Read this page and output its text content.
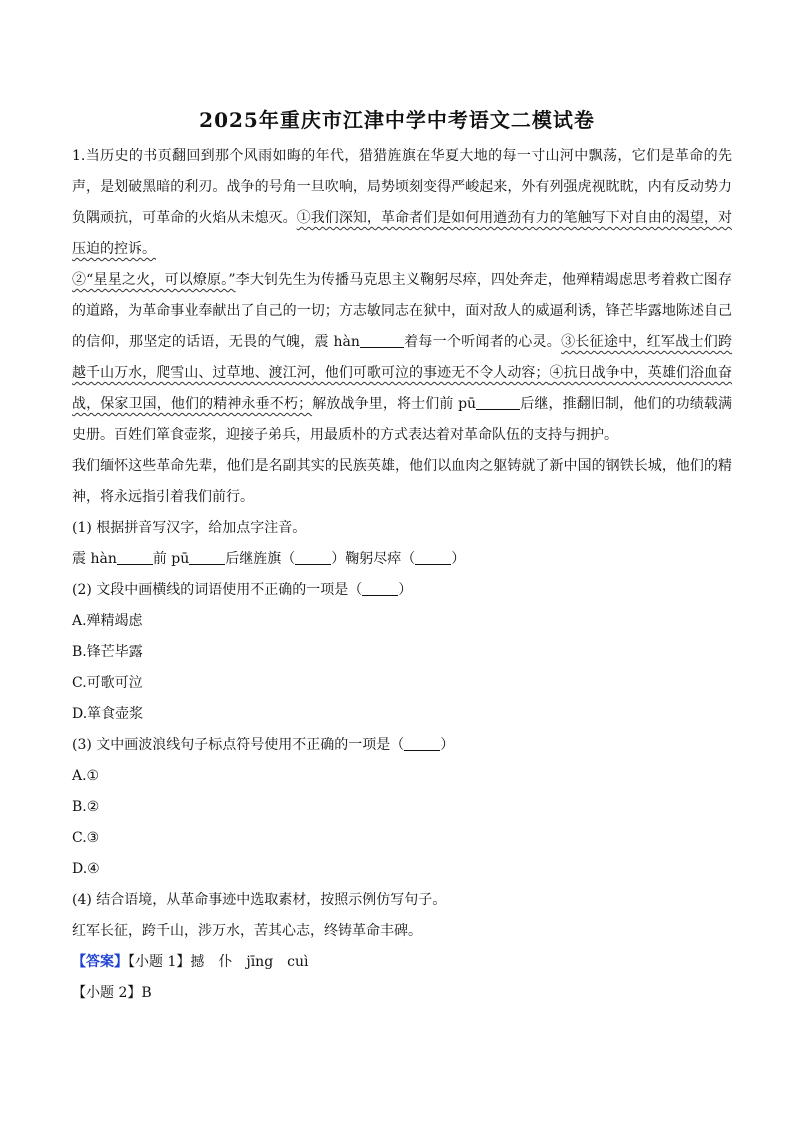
2025年重庆市江津中学中考语文二模试卷

1.当历史的书页翻回到那个风雨如晦的年代，猎猎旌旗在华夏大地的每一寸山河中飘荡，它们是革命的先声，是划破黑暗的利刃。战争的号角一旦吹响，局势顷刻变得严峻起来，外有列强虎视眈眈，内有反动势力负隅顽抗，可革命的火焰从未熄灭。①我们深知，革命者们是如何用遒劲有力的笔触写下对自由的渴望，对压迫的控诉。

②“星星之火，可以燎原。”李大钊先生为传播马克思主义鞠躬尽瘁，四处奔走，他殚精竭虑思考着救亡图存的道路，为革命事业奉献出了自己的一切；方志敏同志在狱中，面对敌人的威逼利诱，锋芒毕露地陈述自己的信仰，那坚定的话语，无畏的气魄，震 hàn	着每一个听闻者的心灵。③长征途中，红军战士们跨越千山万水，爬雪山、过草地、渡江河，他们可歌可泣的事迹无不令人动容；④抗日战争中，英雄们浴血奋战，保家卫国，他们的精神永垂不朽；解放战争里，将士们前 pū	后继，推翻旧制，他们的功绩载满史册。百姓们箪食壶浆，迎接子弟兵，用最质朴的方式表达着对革命队伍的支持与拥护。

我们缅怀这些革命先辈，他们是名副其实的民族英雄，他们以血肉之躯铸就了新中国的钢铁长城，他们的精神，将永远指引着我们前行。

(1) 根据拼音写汉字，给加点字注音。

震 hàn	前 pū	后继旌旗（	）鞠躬尽瘁（	）

(2) 文段中画横线的词语使用不正确的一项是（	）

A.殚精竭虑

B.锋芒毕露

C.可歌可泣

D.箪食壶浆

(3) 文中画波浪线句子标点符号使用不正确的一项是（	）

A.①

B.②

C.③

D.④

(4) 结合语境，从革命事迹中选取素材，按照示例仿写句子。

红军长征，跨千山，涉万水，苦其心志，终铸革命丰碑。

【答案】【小题 1】撼 仆 jīng cuì

【小题 2】B
